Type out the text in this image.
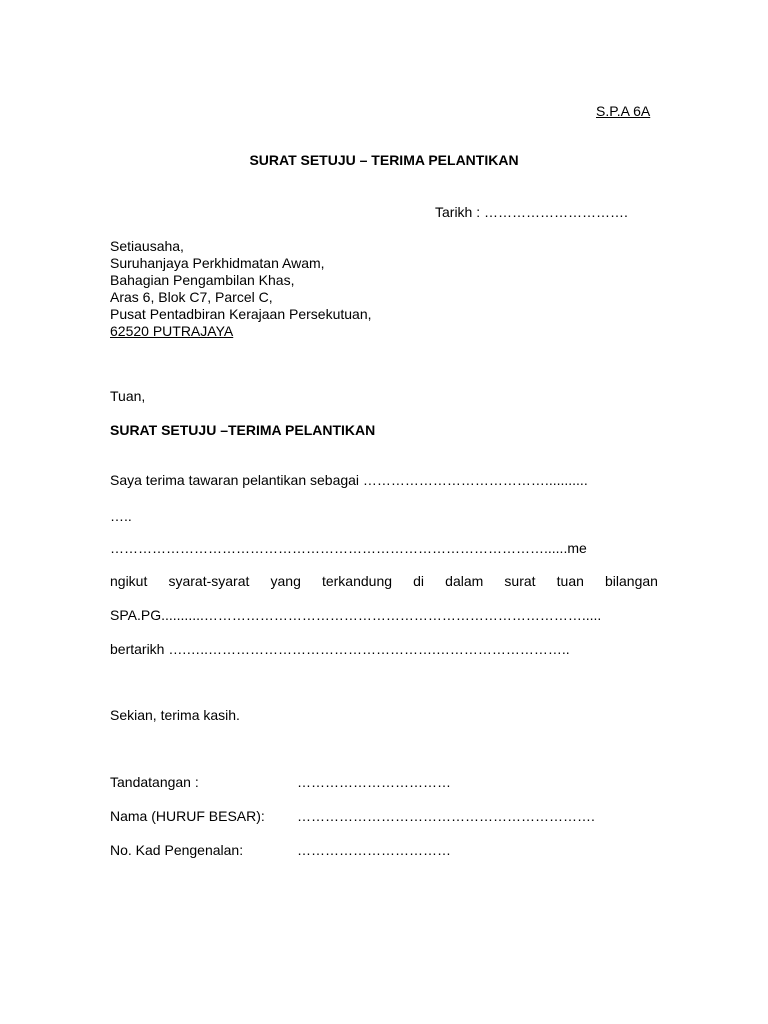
S.P.A 6A
SURAT SETUJU – TERIMA PELANTIKAN
Tarikh : ………………………….
Setiausaha,
Suruhanjaya Perkhidmatan Awam,
Bahagian Pengambilan Khas,
Aras 6, Blok C7, Parcel C,
Pusat Pentadbiran Kerajaan Persekutuan,
62520 PUTRAJAYA
Tuan,
SURAT SETUJU –TERIMA PELANTIKAN
Saya terima tawaran pelantikan sebagai …………………………………...........
…..
…………………………………………………………………………………......me
ngikut syarat-syarat yang terkandung di dalam surat tuan bilangan
SPA.PG...........……………………………………………………………………….....
bertarikh ….…..………………………………………….………………………..
Sekian, terima kasih.
Tandatangan :	……………………………
Nama (HURUF BESAR): ……………………………………………………….
No. Kad Pengenalan:	……………………………
